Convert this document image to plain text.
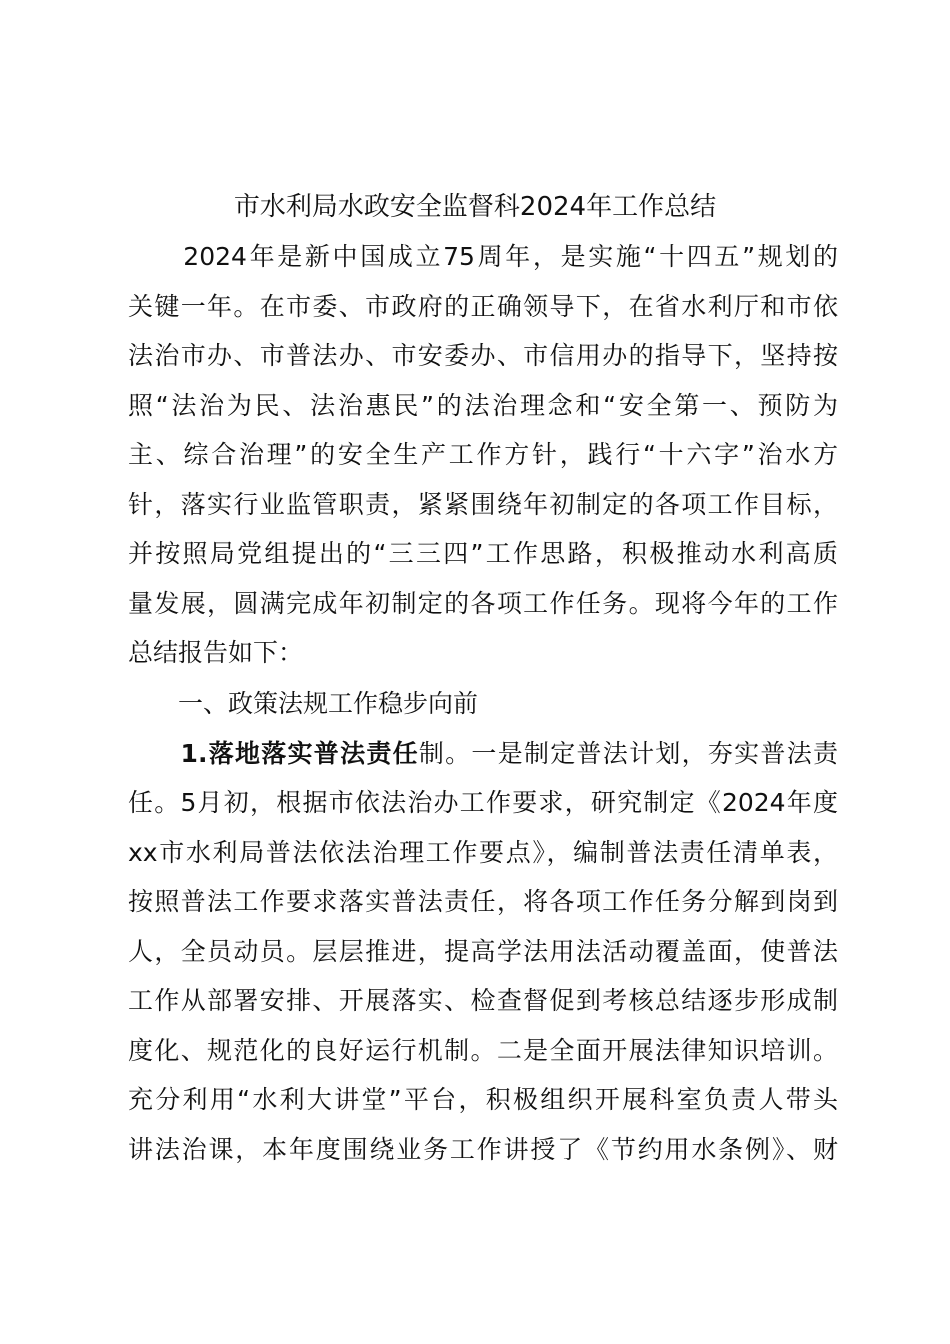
市水利局水政安全监督科2024年工作总结
　　2024年是新中国成立75周年，是实施“十四五”规划的
关键一年。在市委、市政府的正确领导下，在省水利厅和市依
法治市办、市普法办、市安委办、市信用办的指导下，坚持按
照“法治为民、法治惠民”的法治理念和“安全第一、预防为
主、综合治理”的安全生产工作方针，践行“十六字”治水方
针，落实行业监管职责，紧紧围绕年初制定的各项工作目标，
并按照局党组提出的“三三四”工作思路，积极推动水利高质
量发展，圆满完成年初制定的各项工作任务。现将今年的工作
总结报告如下：
　　一、政策法规工作稳步向前
　　1.落地落实普法责任制。一是制定普法计划，夯实普法责
任。5月初，根据市依法治办工作要求，研究制定《2024年度
xx市水利局普法依法治理工作要点》，编制普法责任清单表，
按照普法工作要求落实普法责任，将各项工作任务分解到岗到
人，全员动员。层层推进，提高学法用法活动覆盖面，使普法
工作从部署安排、开展落实、检查督促到考核总结逐步形成制
度化、规范化的良好运行机制。二是全面开展法律知识培训。
充分利用“水利大讲堂”平台，积极组织开展科室负责人带头
讲法治课，本年度围绕业务工作讲授了《节约用水条例》、财
